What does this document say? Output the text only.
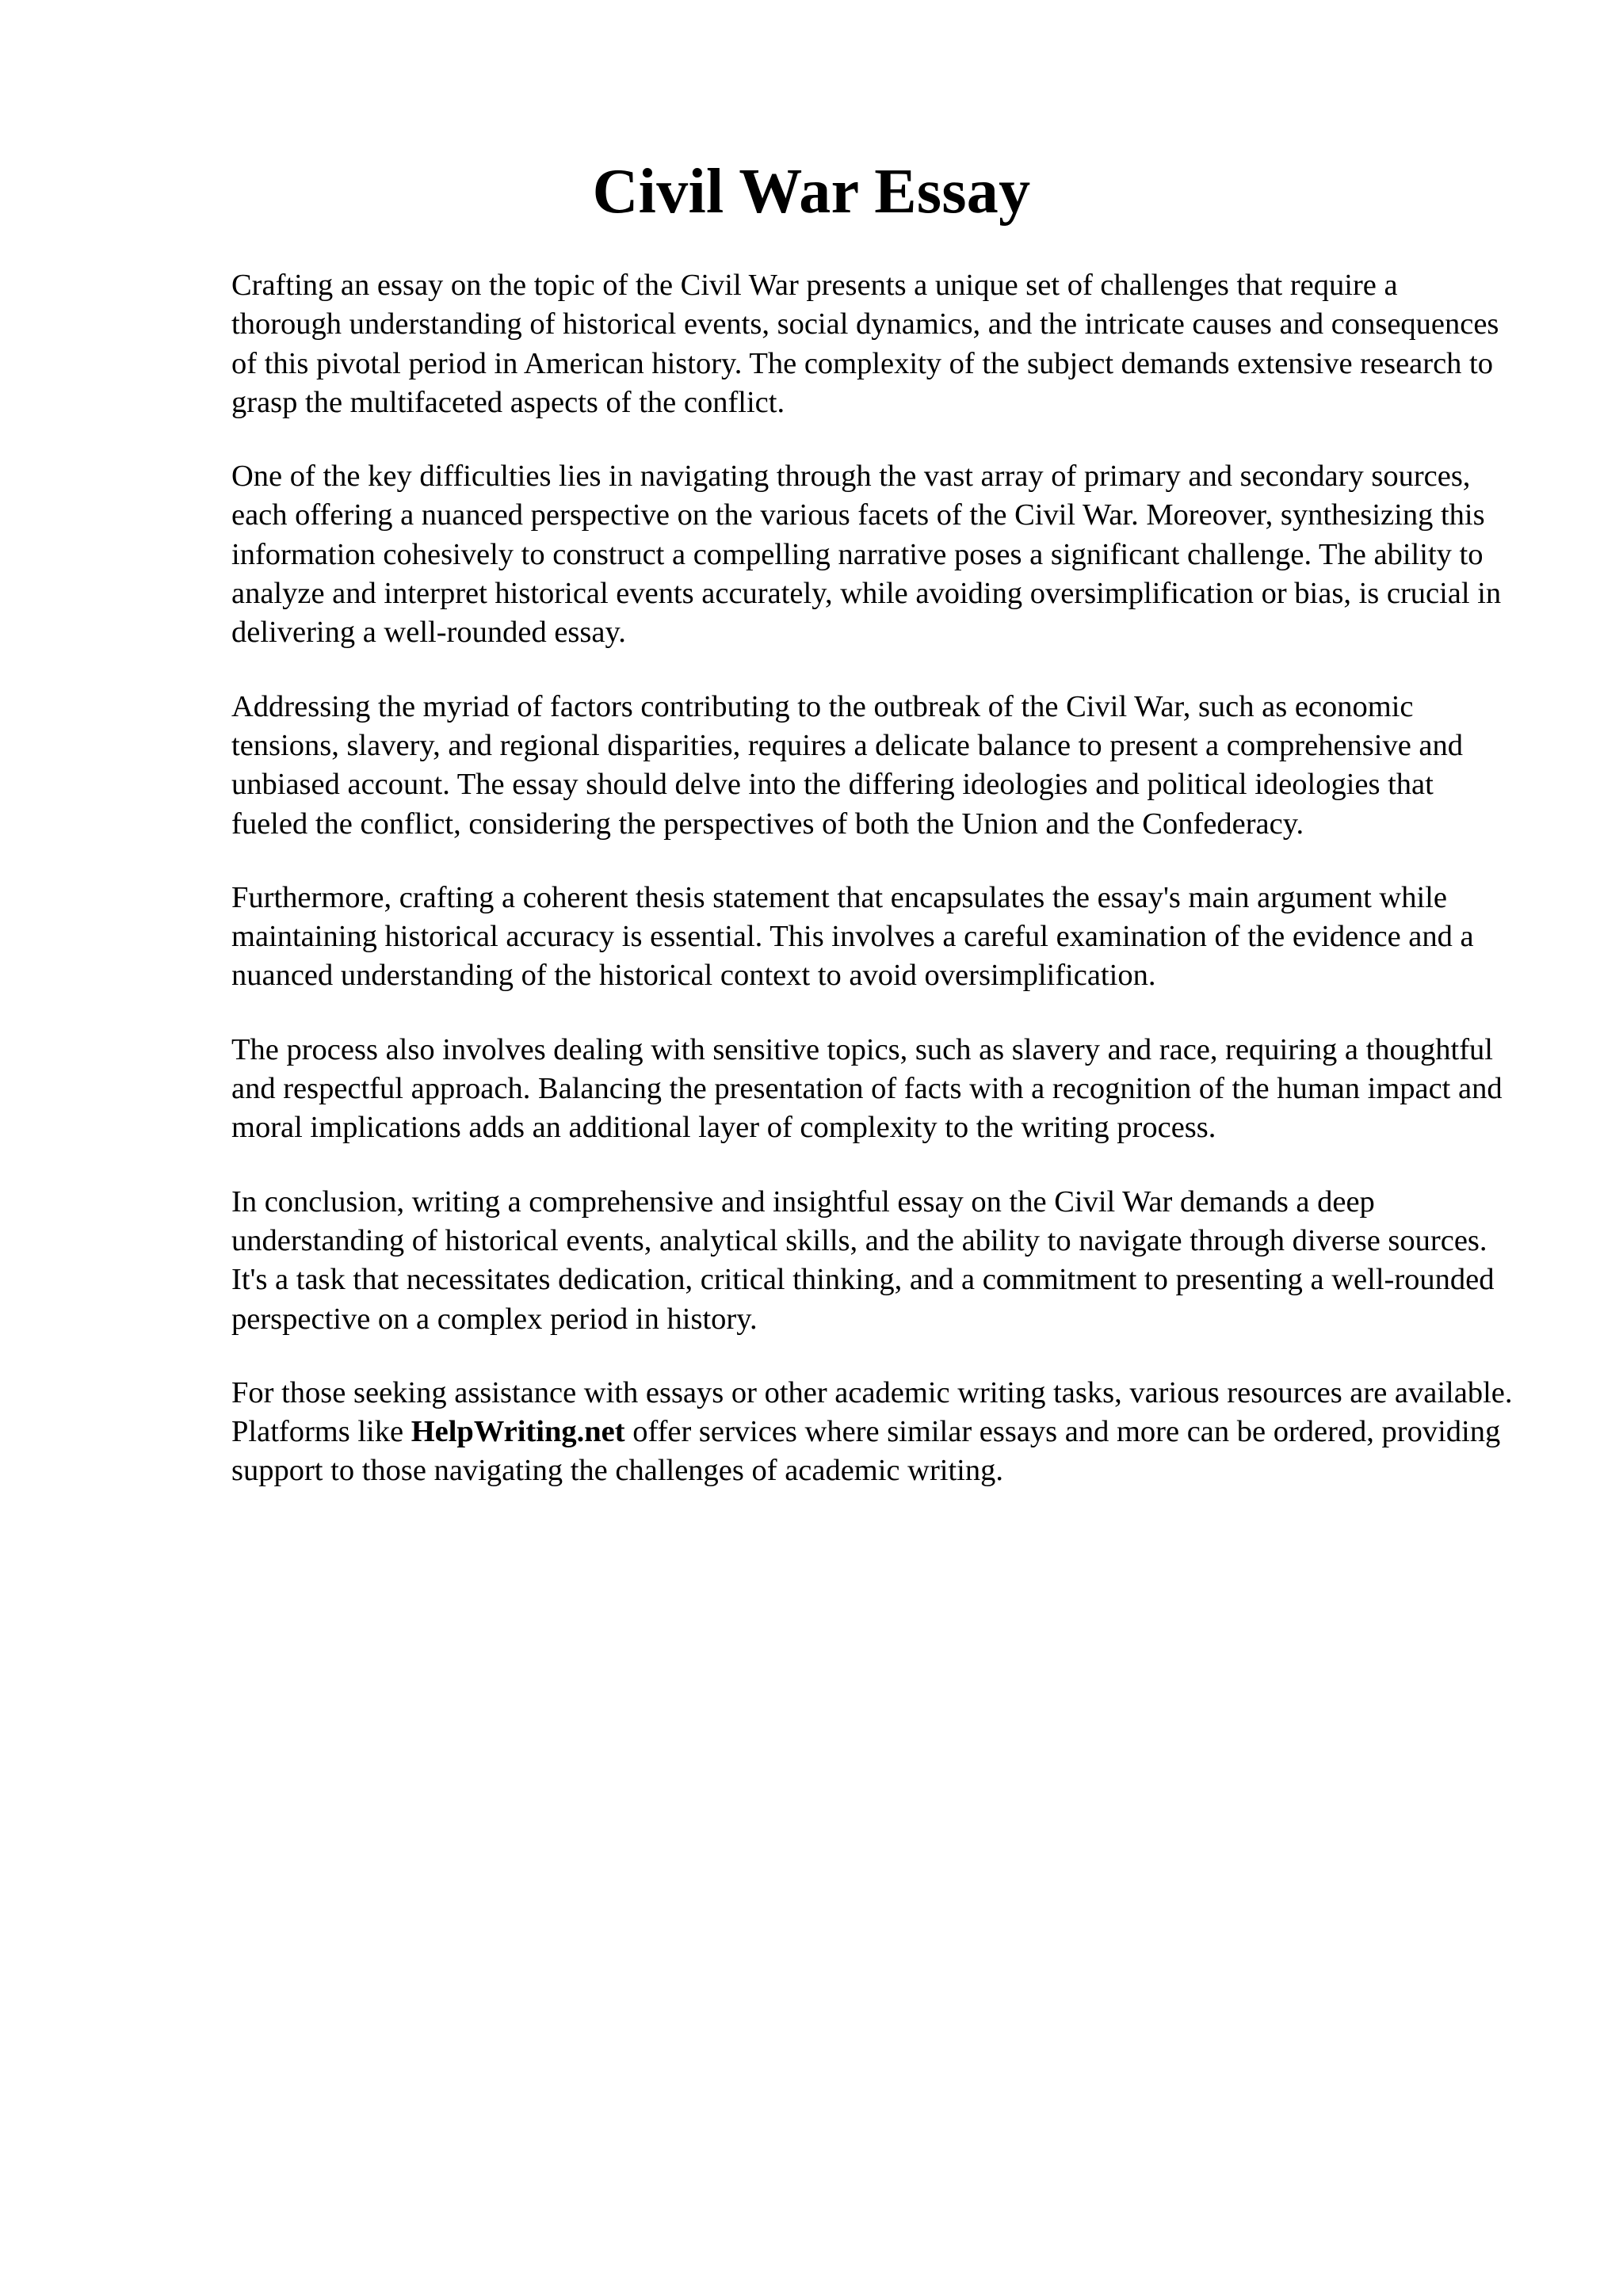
Civil War Essay

Crafting an essay on the topic of the Civil War presents a unique set of challenges that require a thorough understanding of historical events, social dynamics, and the intricate causes and consequences of this pivotal period in American history. The complexity of the subject demands extensive research to grasp the multifaceted aspects of the conflict.

One of the key difficulties lies in navigating through the vast array of primary and secondary sources, each offering a nuanced perspective on the various facets of the Civil War. Moreover, synthesizing this information cohesively to construct a compelling narrative poses a significant challenge. The ability to analyze and interpret historical events accurately, while avoiding oversimplification or bias, is crucial in delivering a well-rounded essay.

Addressing the myriad of factors contributing to the outbreak of the Civil War, such as economic tensions, slavery, and regional disparities, requires a delicate balance to present a comprehensive and unbiased account. The essay should delve into the differing ideologies and political ideologies that fueled the conflict, considering the perspectives of both the Union and the Confederacy.

Furthermore, crafting a coherent thesis statement that encapsulates the essay's main argument while maintaining historical accuracy is essential. This involves a careful examination of the evidence and a nuanced understanding of the historical context to avoid oversimplification.

The process also involves dealing with sensitive topics, such as slavery and race, requiring a thoughtful and respectful approach. Balancing the presentation of facts with a recognition of the human impact and moral implications adds an additional layer of complexity to the writing process.

In conclusion, writing a comprehensive and insightful essay on the Civil War demands a deep understanding of historical events, analytical skills, and the ability to navigate through diverse sources. It's a task that necessitates dedication, critical thinking, and a commitment to presenting a well-rounded perspective on a complex period in history.

For those seeking assistance with essays or other academic writing tasks, various resources are available. Platforms like HelpWriting.net offer services where similar essays and more can be ordered, providing support to those navigating the challenges of academic writing.
